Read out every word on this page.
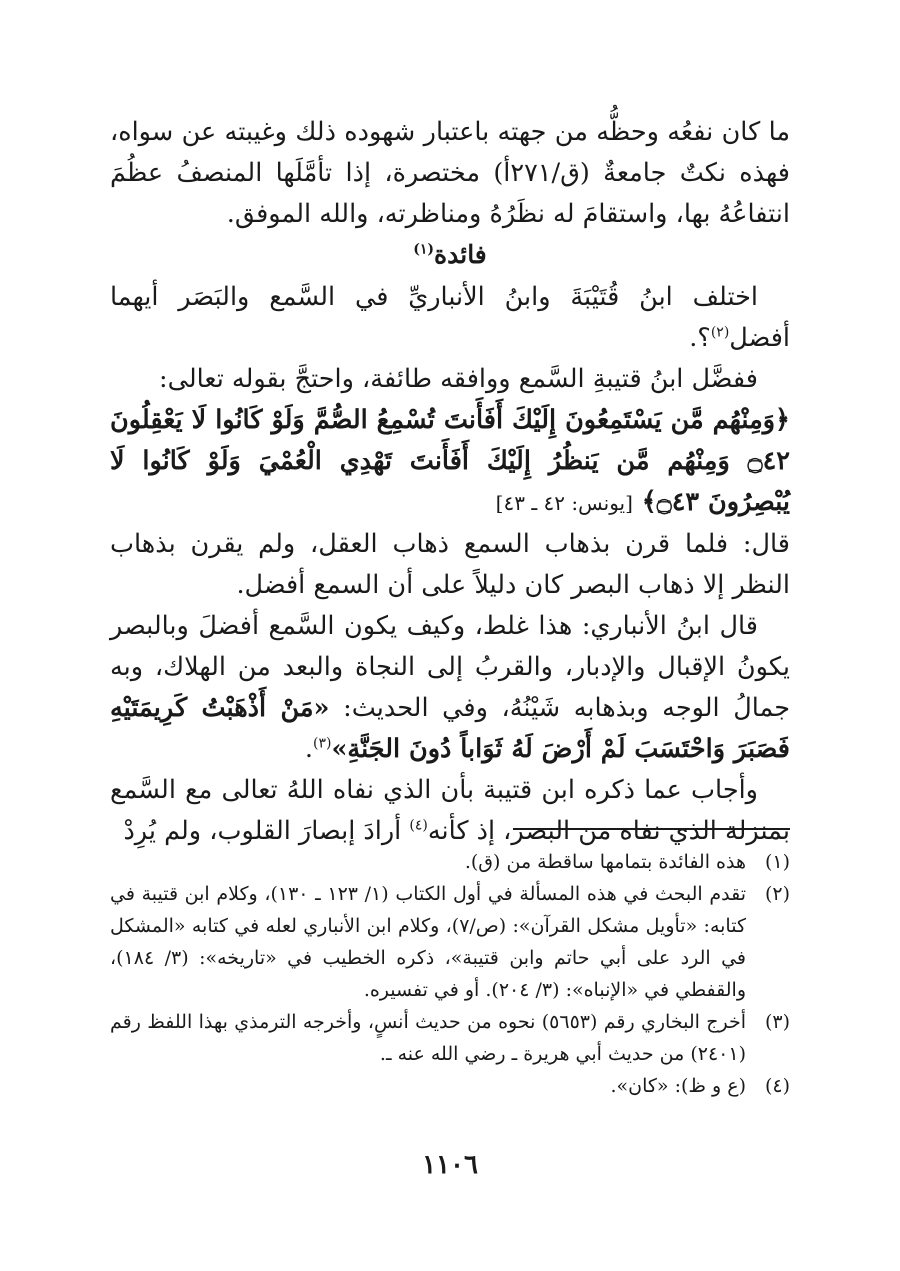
ما كان نفعُه وحظُّه من جهته باعتبار شهوده ذلك وغيبته عن سواه، فهذه نكتٌ جامعةٌ (ق/٢٧١أ) مختصرة، إذا تأمَّلَها المنصفُ عظُمَ انتفاعُهُ بها، واستقامَ له نظَرُهُ ومناظرته، والله الموفق.

فائدة$^{(١)}$

اختلف ابنُ قُتَيْبَةَ وابنُ الأنباريِّ في السَّمع والبَصَر أيهما أفضل$^{(٢)}$؟.

ففضَّل ابنُ قتيبةِ السَّمع ووافقه طائفة، واحتجَّ بقوله تعالى:

﴿وَمِنْهُم مَّن يَسْتَمِعُونَ إِلَيْكَ أَفَأَنتَ تُسْمِعُ الصُّمَّ وَلَوْ كَانُوا لَا يَعْقِلُونَ ۝٤٢ وَمِنْهُم مَّن يَنظُرُ إِلَيْكَ أَفَأَنتَ تَهْدِي الْعُمْيَ وَلَوْ كَانُوا لَا يُبْصِرُونَ ۝٤٣﴾ [يونس: ٤٢ ـ ٤٣]

قال: فلما قرن بذهاب السمع ذهاب العقل، ولم يقرن بذهاب النظر إلا ذهاب البصر كان دليلاً على أن السمع أفضل.

قال ابنُ الأنباري: هذا غلط، وكيف يكون السَّمع أفضلَ وبالبصر يكونُ الإقبال والإدبار، والقربُ إلى النجاة والبعد من الهلاك، وبه جمالُ الوجه وبذهابه شَيْنُهُ، وفي الحديث: «مَنْ أَذْهَبْتُ كَرِيمَتَيْهِ فَصَبَرَ وَاحْتَسَبَ لَمْ أَرْضَ لَهُ ثَوَاباً دُونَ الجَنَّةِ»$^{(٣)}$.

وأجاب عما ذكره ابن قتيبة بأن الذي نفاه اللهُ تعالى مع السَّمع بمنزلة الذي نفاه من البصر، إذ كأنه$^{(٤)}$ أرادَ إبصارَ القلوب، ولم يُرِدْ

(١)
هذه الفائدة بتمامها ساقطة من (ق).
(٢)
تقدم البحث في هذه المسألة في أول الكتاب (١/ ١٢٣ ـ ١٣٠)، وكلام ابن قتيبة في كتابه: «تأويل مشكل القرآن»: (ص/٧)، وكلام ابن الأنباري لعله في كتابه «المشكل في الرد على أبي حاتم وابن قتيبة»، ذكره الخطيب في «تاريخه»: (٣/ ١٨٤)، والقفطي في «الإنباه»: (٣/ ٢٠٤). أو في تفسيره.
(٣)
أخرج البخاري رقم (٥٦٥٣) نحوه من حديث أنسٍ، وأخرجه الترمذي بهذا اللفظ رقم (٢٤٠١) من حديث أبي هريرة ـ رضي الله عنه ـ.
(٤)
(ع و ظ): «كان».
١١٠٦
